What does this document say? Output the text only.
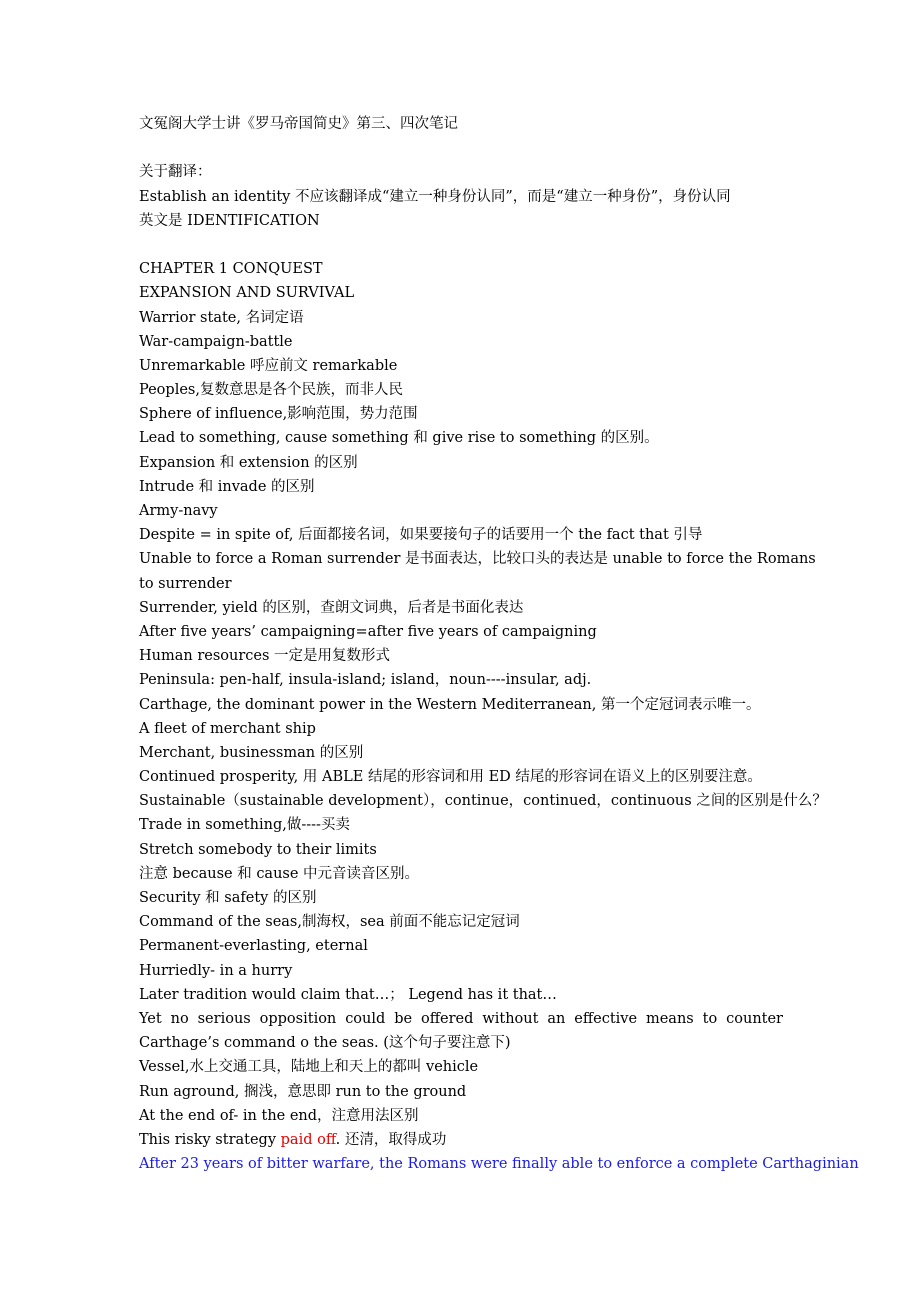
文冤阁大学士讲《罗马帝国简史》第三、四次笔记
关于翻译：
Establish an identity 不应该翻译成“建立一种身份认同”，而是“建立一种身份”，身份认同
英文是 IDENTIFICATION
CHAPTER 1 CONQUEST
EXPANSION AND SURVIVAL
Warrior state, 名词定语
War-campaign-battle
Unremarkable 呼应前文 remarkable
Peoples,复数意思是各个民族，而非人民
Sphere of influence,影响范围，势力范围
Lead to something, cause something 和 give rise to something 的区别。
Expansion 和 extension 的区别
Intrude 和 invade 的区别
Army-navy
Despite = in spite of, 后面都接名词，如果要接句子的话要用一个 the fact that 引导
Unable to force a Roman surrender 是书面表达，比较口头的表达是 unable to force the Romans
to surrender
Surrender, yield 的区别，查朗文词典，后者是书面化表达
After five years’ campaigning=after five years of campaigning
Human resources 一定是用复数形式
Peninsula: pen-half, insula-island; island，noun----insular, adj.
Carthage, the dominant power in the Western Mediterranean, 第一个定冠词表示唯一。
A fleet of merchant ship
Merchant, businessman 的区别
Continued prosperity, 用 ABLE 结尾的形容词和用 ED 结尾的形容词在语义上的区别要注意。
Sustainable（sustainable development），continue，continued，continuous 之间的区别是什么？
Trade in something,做----买卖
Stretch somebody to their limits
注意 because 和 cause 中元音读音区别。
Security 和 safety 的区别
Command of the seas,制海权，sea 前面不能忘记定冠词
Permanent-everlasting, eternal
Hurriedly- in a hurry
Later tradition would claim that…； Legend has it that…
Yet no serious opposition could be offered without an effective means to counter Carthage’s command o the seas. (这个句子要注意下)
Vessel,水上交通工具，陆地上和天上的都叫 vehicle
Run aground, 搁浅，意思即 run to the ground
At the end of- in the end，注意用法区别
This risky strategy paid off. 还清，取得成功
After 23 years of bitter warfare, the Romans were finally able to enforce a complete Carthaginian
